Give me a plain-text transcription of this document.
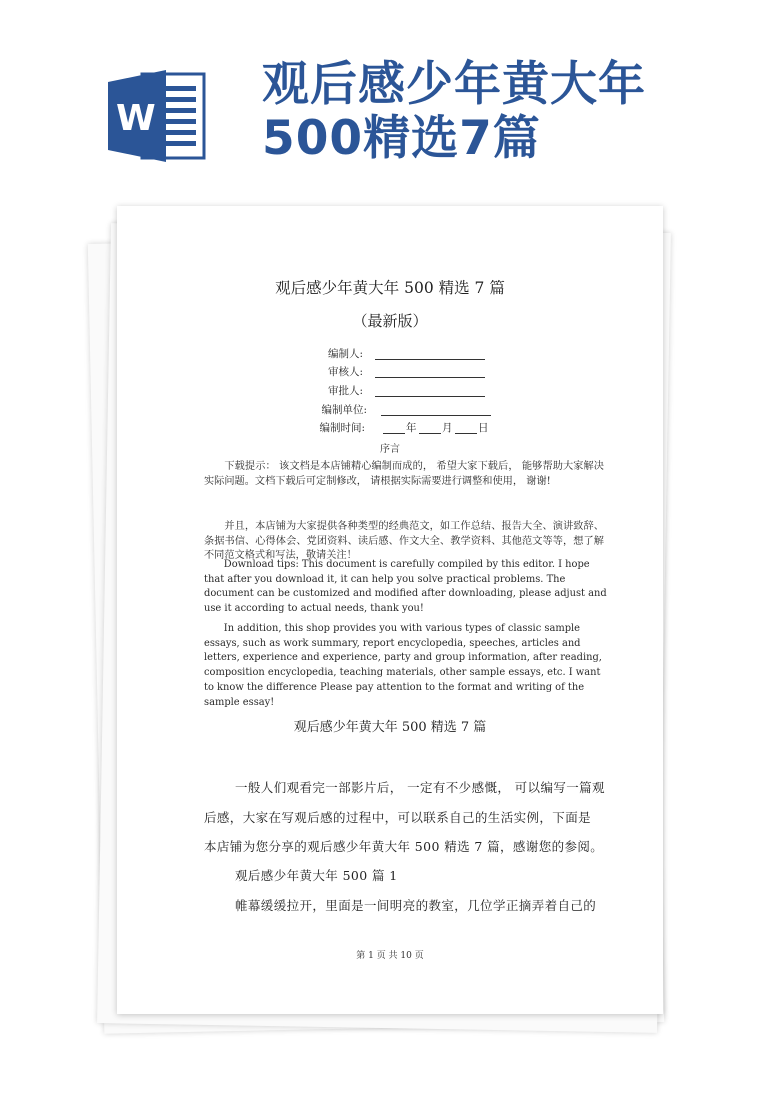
W
观后感少年黄大年
500精选7篇
观后感少年黄大年 500 精选 7 篇
（最新版）
编制人:
审核人:
审批人:
编制单位:
编制时间:	年 月 日
序言
下载提示： 该文档是本店铺精心编制而成的， 希望大家下载后， 能够帮助大家解决实际问题。文档下载后可定制修改， 请根据实际需要进行调整和使用， 谢谢!
并且，本店铺为大家提供各种类型的经典范文，如工作总结、报告大全、演讲致辞、条据书信、心得体会、党团资料、读后感、作文大全、教学资料、其他范文等等，想了解不同范文格式和写法，敬请关注！
Download tips: This document is carefully compiled by this editor. I hope that after you download it, it can help you solve practical problems. The document can be customized and modified after downloading, please adjust and use it according to actual needs, thank you!
In addition, this shop provides you with various types of classic sample essays, such as work summary, report encyclopedia, speeches, articles and letters, experience and experience, party and group information, after reading, composition encyclopedia, teaching materials, other sample essays, etc. I want to know the difference Please pay attention to the format and writing of the sample essay!
观后感少年黄大年 500 精选 7 篇
一般人们观看完一部影片后， 一定有不少感慨， 可以编写一篇观
后感，大家在写观后感的过程中，可以联系自己的生活实例，下面是
本店铺为您分享的观后感少年黄大年 500 精选 7 篇，感谢您的参阅。
观后感少年黄大年 500 篇 1
帷幕缓缓拉开，里面是一间明亮的教室，几位学正摘弄着自己的
第 1 页 共 10 页
